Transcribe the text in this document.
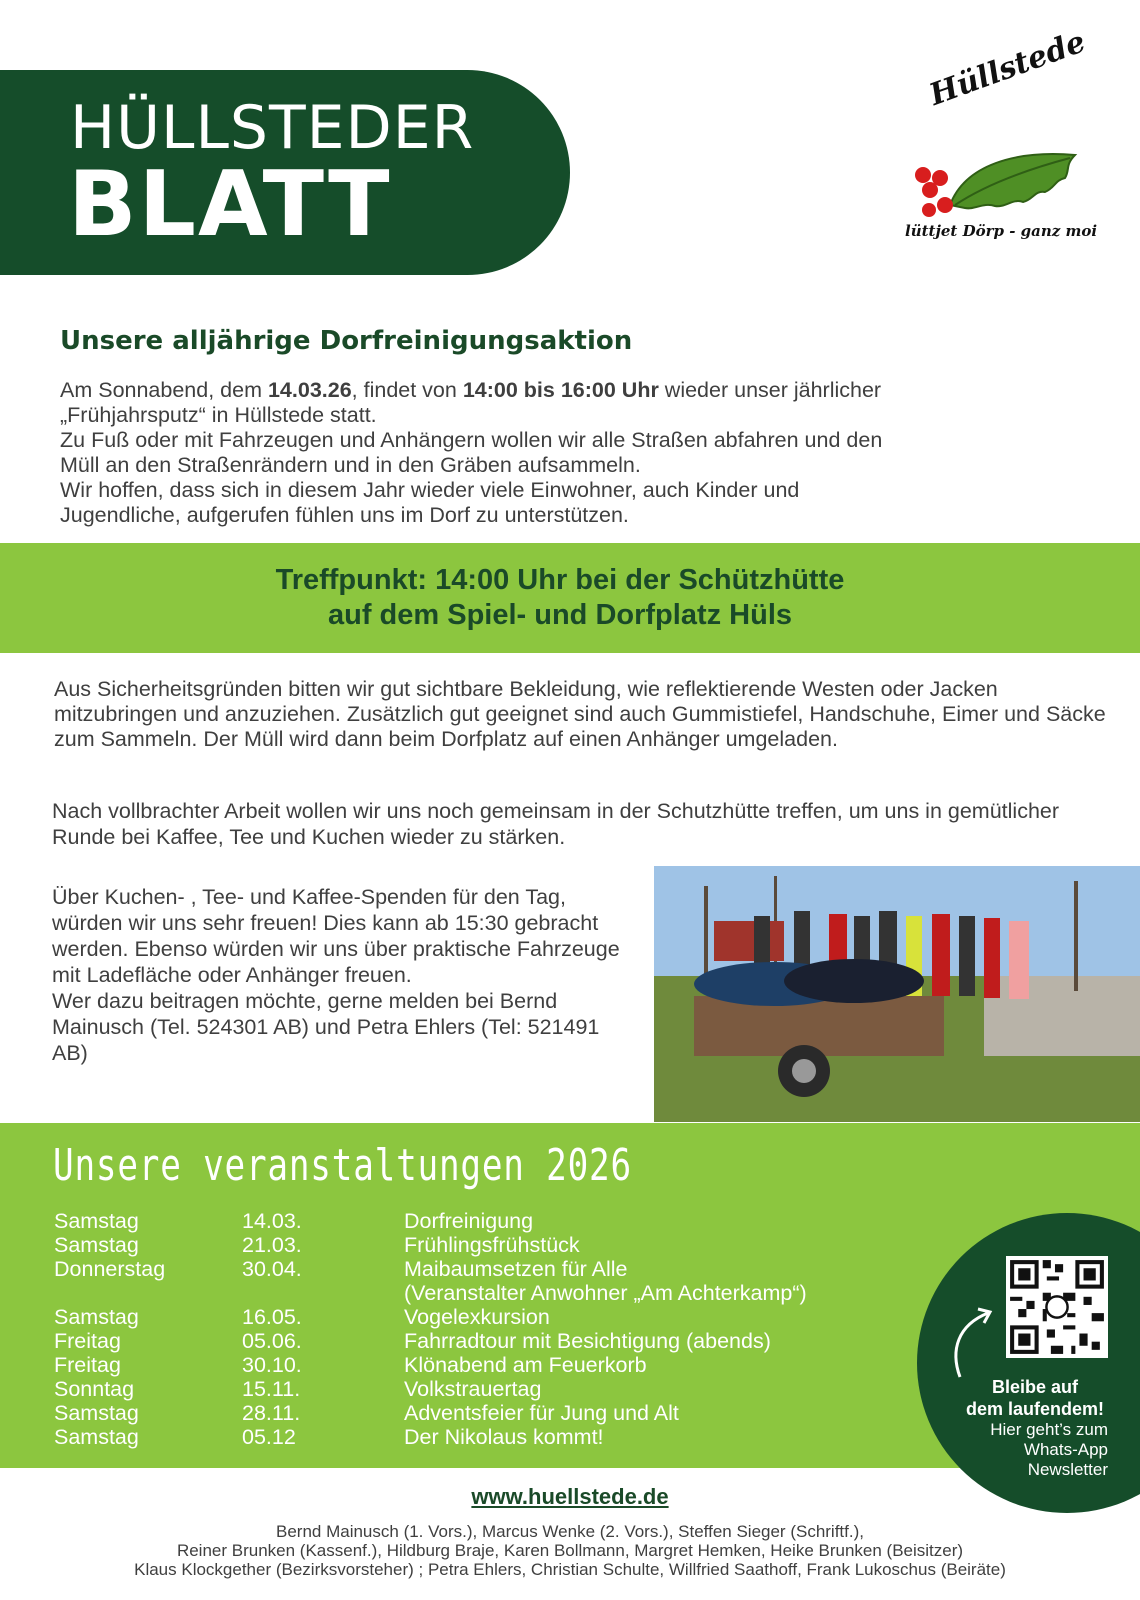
HÜLLSTEDER
BLATT
Hüllstede
lüttjet Dörp - ganz moi
Unsere alljährige Dorfreinigungsaktion

Am Sonnabend, dem 14.03.26, findet von 14:00 bis 16:00 Uhr wieder unser jährlicher

„Frühjahrsputz“ in Hüllstede statt.

Zu Fuß oder mit Fahrzeugen und Anhängern wollen wir alle Straßen abfahren und den

Müll an den Straßenrändern und in den Gräben aufsammeln.

Wir hoffen, dass sich in diesem Jahr wieder viele Einwohner, auch Kinder und

Jugendliche, aufgerufen fühlen uns im Dorf zu unterstützen.

Treffpunkt: 14:00 Uhr bei der Schützhütte
auf dem Spiel- und Dorfplatz Hüls
Aus Sicherheitsgründen bitten wir gut sichtbare Bekleidung, wie reflektierende Westen oder Jacken mitzubringen und anzuziehen. Zusätzlich gut geeignet sind auch Gummistiefel, Handschuhe, Eimer und Säcke zum Sammeln. Der Müll wird dann beim Dorfplatz auf einen Anhänger umgeladen.
Nach vollbrachter Arbeit wollen wir uns noch gemeinsam in der Schutzhütte treffen, um uns in gemütlicher Runde bei Kaffee, Tee und Kuchen wieder zu stärken.
Über Kuchen- , Tee- und Kaffee-Spenden für den Tag, würden wir uns sehr freuen! Dies kann ab 15:30 gebracht werden. Ebenso würden wir uns über praktische Fahrzeuge mit Ladefläche oder Anhänger freuen.
Wer dazu beitragen möchte, gerne melden bei Bernd Mainusch (Tel. 524301 AB) und Petra Ehlers (Tel: 521491 AB)
Unsere veranstaltungen 2026
Samstag	14.03.	Dorfreinigung
Samstag	21.03.	Frühlingsfrühstück
Donnerstag	30.04.	Maibaumsetzen für Alle
(Veranstalter Anwohner „Am Achterkamp“)
Samstag	16.05.	Vogelexkursion
Freitag	05.06.	Fahrradtour mit Besichtigung (abends)
Freitag	30.10.	Klönabend am Feuerkorb
Sonntag	15.11.	Volkstrauertag
Samstag	28.11.	Adventsfeier für Jung und Alt
Samstag	05.12	Der Nikolaus kommt!
Bleibe auf
dem laufendem!
Hier geht’s zum
Whats-App
Newsletter
www.huellstede.de
Bernd Mainusch (1. Vors.), Marcus Wenke (2. Vors.), Steffen Sieger (Schriftf.),
Reiner Brunken (Kassenf.), Hildburg Braje, Karen Bollmann, Margret Hemken, Heike Brunken (Beisitzer)
Klaus Klockgether (Bezirksvorsteher) ; Petra Ehlers, Christian Schulte, Willfried Saathoff, Frank Lukoschus (Beiräte)
